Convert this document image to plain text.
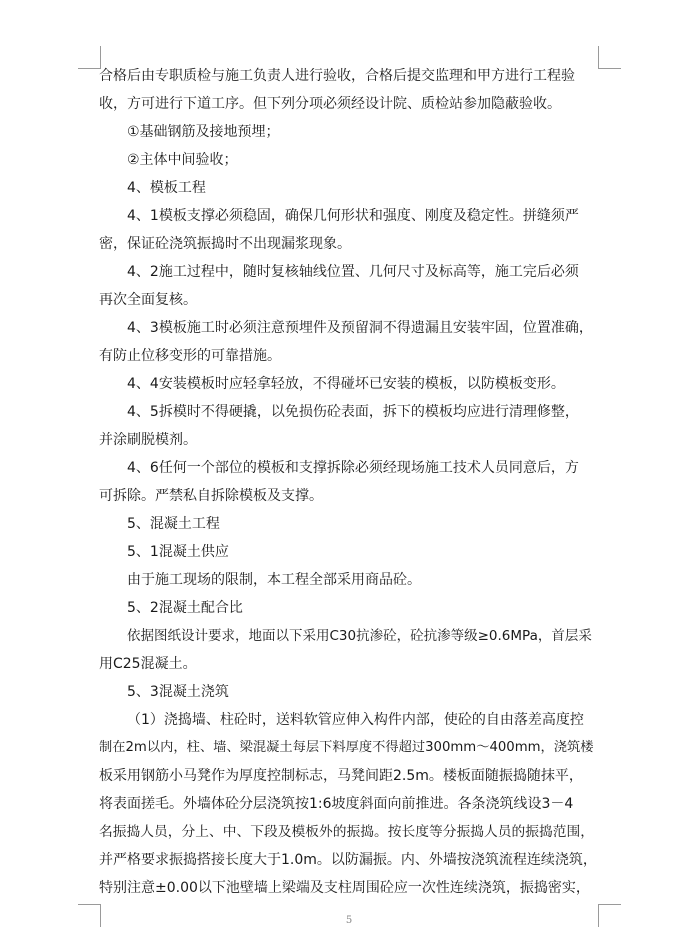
合格后由专职质检与施工负责人进行验收，合格后提交监理和甲方进行工程验
收，方可进行下道工序。但下列分项必须经设计院、质检站参加隐蔽验收。
①基础钢筋及接地预埋；
②主体中间验收；
4、模板工程
4、1模板支撑必须稳固，确保几何形状和强度、刚度及稳定性。拼缝须严
密，保证砼浇筑振捣时不出现漏浆现象。
4、2施工过程中，随时复核轴线位置、几何尺寸及标高等，施工完后必须
再次全面复核。
4、3模板施工时必须注意预埋件及预留洞不得遗漏且安装牢固，位置准确，
有防止位移变形的可靠措施。
4、4安装模板时应轻拿轻放，不得碰坏已安装的模板，以防模板变形。
4、5拆模时不得硬撬，以免损伤砼表面，拆下的模板均应进行清理修整，
并涂刷脱模剂。
4、6任何一个部位的模板和支撑拆除必须经现场施工技术人员同意后，方
可拆除。严禁私自拆除模板及支撑。
5、混凝土工程
5、1混凝土供应
由于施工现场的限制，本工程全部采用商品砼。
5、2混凝土配合比
依据图纸设计要求，地面以下采用C30抗渗砼，砼抗渗等级≥0.6MPa，首层采
用C25混凝土。
5、3混凝土浇筑
（1）浇捣墙、柱砼时，送料软管应伸入构件内部，使砼的自由落差高度控
制在2m以内，柱、墙、梁混凝土每层下料厚度不得超过300mm～400mm，浇筑楼
板采用钢筋小马凳作为厚度控制标志，马凳间距2.5m。楼板面随振捣随抹平，
将表面搓毛。外墙体砼分层浇筑按1:6坡度斜面向前推进。各条浇筑线设3－4
名振捣人员，分上、中、下段及模板外的振捣。按长度等分振捣人员的振捣范围，
并严格要求振捣搭接长度大于1.0m。以防漏振。内、外墙按浇筑流程连续浇筑，
特别注意±0.00以下池壁墙上梁端及支柱周围砼应一次性连续浇筑，振捣密实，
5
